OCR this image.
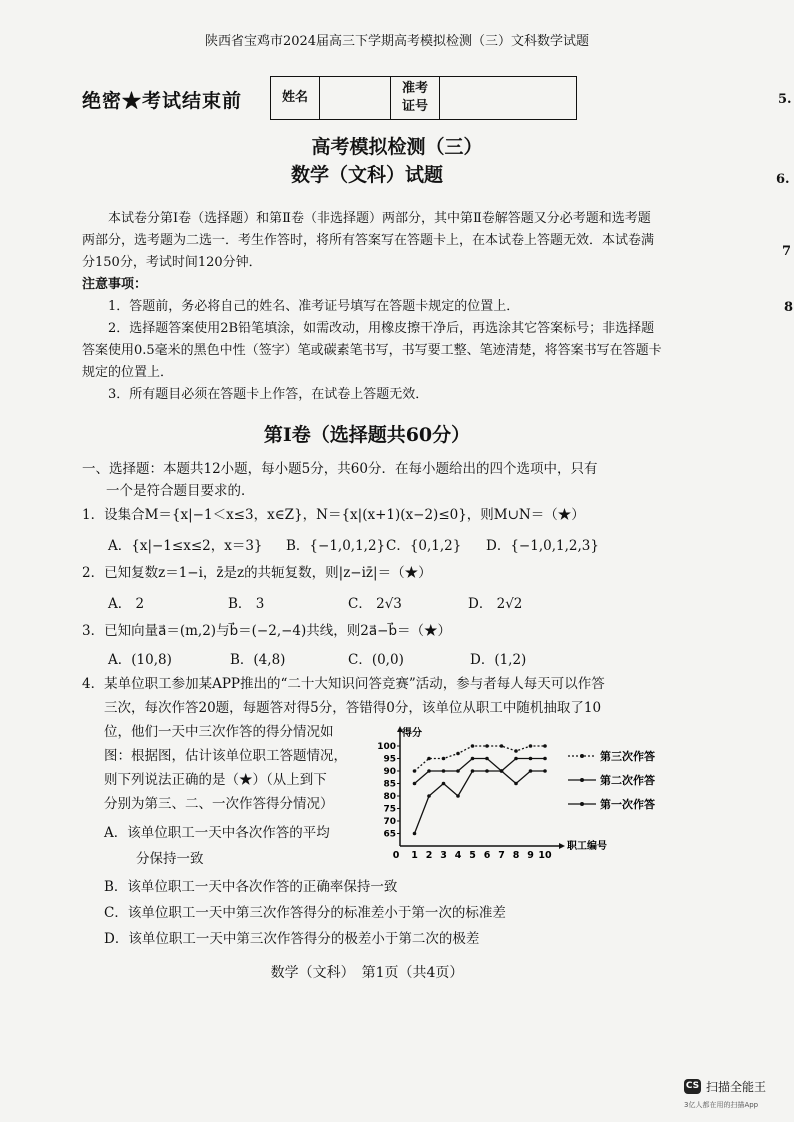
陕西省宝鸡市2024届高三下学期高考模拟检测（三）文科数学试题
绝密★考试结束前	姓名		
准考
证号

高考模拟检测（三）
数学（文科）试题
本试卷分第Ⅰ卷（选择题）和第Ⅱ卷（非选择题）两部分，其中第Ⅱ卷解答题又分必考题和选考题两部分，选考题为二选一．考生作答时，将所有答案写在答题卡上，在本试卷上答题无效．本试卷满分150分，考试时间120分钟．
注意事项：
1．答题前，务必将自己的姓名、准考证号填写在答题卡规定的位置上．
2．选择题答案使用2B铅笔填涂，如需改动，用橡皮擦干净后，再选涂其它答案标号；非选择题答案使用0.5毫米的黑色中性（签字）笔或碳素笔书写，书写要工整、笔迹清楚，将答案书写在答题卡规定的位置上．
3．所有题目必须在答题卡上作答，在试卷上答题无效．
第Ⅰ卷（选择题共60分）
一、选择题：本题共12小题，每小题5分，共60分．在每小题给出的四个选项中，只有
一个是符合题目要求的．
1．设集合M＝{x|−1＜x≤3，x∈Z}，N＝{x|(x+1)(x−2)≤0}，则M∪N＝（★）
A．{x|−1≤x≤2，x＝3} B．{−1,0,1,2}C．{0,1,2} D．{−1,0,1,2,3}
2．已知复数z＝1−i，z̄是z的共轭复数，则|z−iz̄|＝（★）
A． 2	B． 3	C． 2√3	D． 2√2
3．已知向量a⃗＝(m,2)与b⃗＝(−2,−4)共线，则2a⃗−b⃗＝（★）
A．(10,8)	B．(4,8)	C．(0,0)	D．(1,2)
4．某单位职工参加某APP推出的“二十大知识问答竞赛”活动，参与者每人每天可以作答
三次，每次作答20题，每题答对得5分，答错得0分，该单位从职工中随机抽取了10
位，他们一天中三次作答的得分情况如
图：根据图，估计该单位职工答题情况，
则下列说法正确的是（★）（从上到下
分别为第三、二、一次作答得分情况）
A．该单位职工一天中各次作答的平均
分保持一致
B．该单位职工一天中各次作答的正确率保持一致
C．该单位职工一天中第三次作答得分的标准差小于第一次的标准差
D．该单位职工一天中第三次作答得分的极差小于第二次的极差
得分
职工编号
65
70
75
80
85
90
95
100
0 1 2 3 4 5 6 7 8 9 10
第三次作答
第二次作答
第一次作答
数学（文科）　第1页（共4页）
5.
6.
7
8
CS 扫描全能王
3亿人都在用的扫描App
